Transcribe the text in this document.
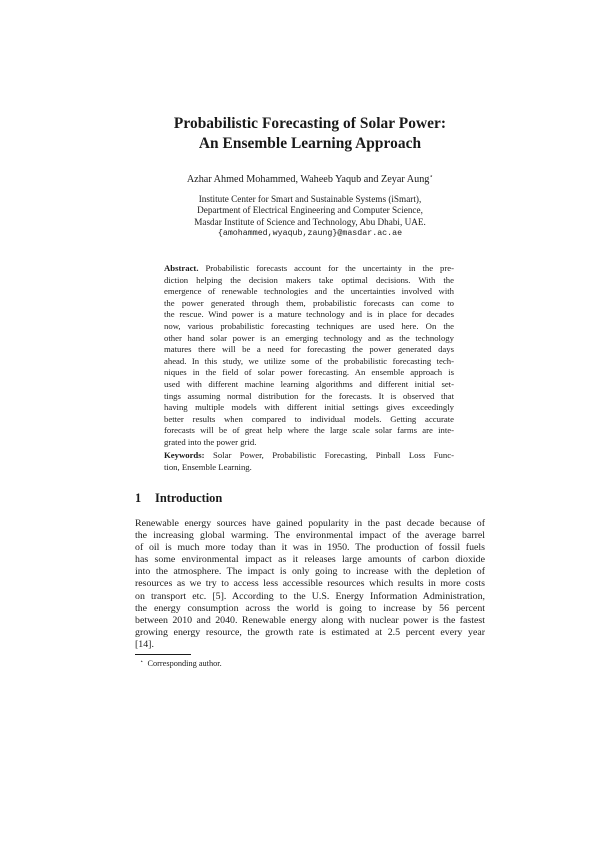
Probabilistic Forecasting of Solar Power:
An Ensemble Learning Approach
Azhar Ahmed Mohammed, Waheeb Yaqub and Zeyar Aung⋆
Institute Center for Smart and Sustainable Systems (iSmart),
Department of Electrical Engineering and Computer Science,
Masdar Institute of Science and Technology, Abu Dhabi, UAE.
{amohammed,wyaqub,zaung}@masdar.ac.ae
Abstract. Probabilistic forecasts account for the uncertainty in the pre-
diction helping the decision makers take optimal decisions. With the
emergence of renewable technologies and the uncertainties involved with
the power generated through them, probabilistic forecasts can come to
the rescue. Wind power is a mature technology and is in place for decades
now, various probabilistic forecasting techniques are used here. On the
other hand solar power is an emerging technology and as the technology
matures there will be a need for forecasting the power generated days
ahead. In this study, we utilize some of the probabilistic forecasting tech-
niques in the field of solar power forecasting. An ensemble approach is
used with different machine learning algorithms and different initial set-
tings assuming normal distribution for the forecasts. It is observed that
having multiple models with different initial settings gives exceedingly
better results when compared to individual models. Getting accurate
forecasts will be of great help where the large scale solar farms are inte-
grated into the power grid.
Keywords: Solar Power, Probabilistic Forecasting, Pinball Loss Func-
tion, Ensemble Learning.
1 Introduction
Renewable energy sources have gained popularity in the past decade because of
the increasing global warming. The environmental impact of the average barrel
of oil is much more today than it was in 1950. The production of fossil fuels
has some environmental impact as it releases large amounts of carbon dioxide
into the atmosphere. The impact is only going to increase with the depletion of
resources as we try to access less accessible resources which results in more costs
on transport etc. [5]. According to the U.S. Energy Information Administration,
the energy consumption across the world is going to increase by 56 percent
between 2010 and 2040. Renewable energy along with nuclear power is the fastest
growing energy resource, the growth rate is estimated at 2.5 percent every year
[14].
⋆ Corresponding author.
